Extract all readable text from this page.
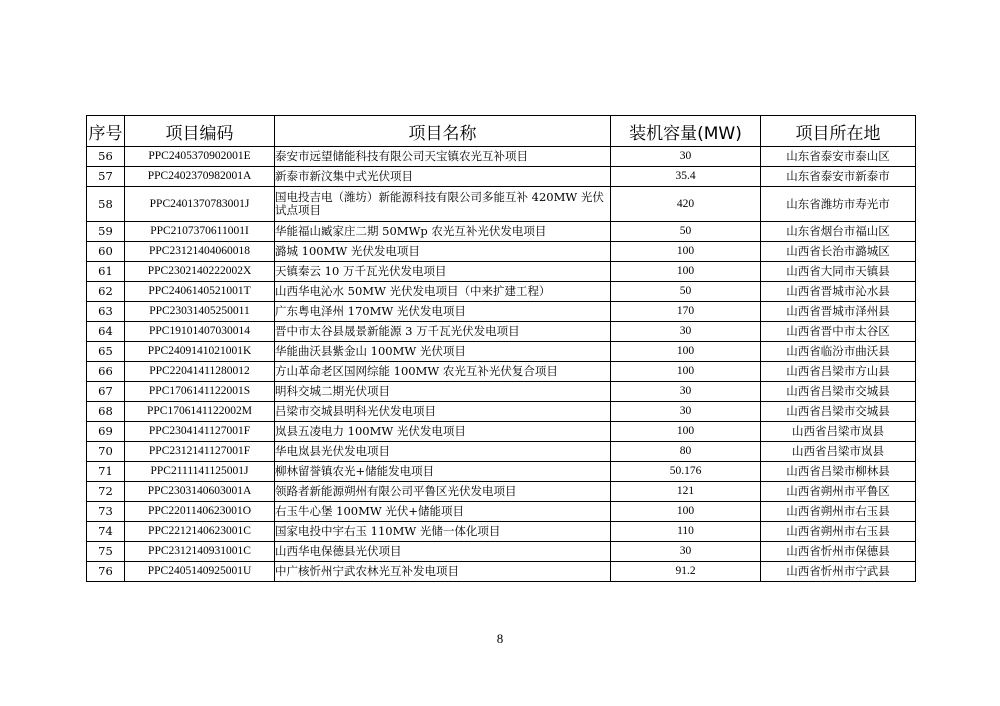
序号	项目编码	项目名称	装机容量(MW)	项目所在地
56	PPC2405370902001E	泰安市远望储能科技有限公司天宝镇农光互补项目	30	山东省泰安市泰山区
57	PPC2402370982001A	新泰市新汶集中式光伏项目	35.4	山东省泰安市新泰市
58	PPC2401370783001J	国电投吉电（潍坊）新能源科技有限公司多能互补 420MW 光伏试点项目	420	山东省潍坊市寿光市
59	PPC2107370611001I	华能福山臧家庄二期 50MWp 农光互补光伏发电项目	50	山东省烟台市福山区
60	PPC23121404060018	潞城 100MW 光伏发电项目	100	山西省长治市潞城区
61	PPC2302140222002X	天镇秦云 10 万千瓦光伏发电项目	100	山西省大同市天镇县
62	PPC2406140521001T	山西华电沁水 50MW 光伏发电项目（中来扩建工程）	50	山西省晋城市沁水县
63	PPC23031405250011	广东粤电泽州 170MW 光伏发电项目	170	山西省晋城市泽州县
64	PPC19101407030014	晋中市太谷县晟景新能源 3 万千瓦光伏发电项目	30	山西省晋中市太谷区
65	PPC2409141021001K	华能曲沃县紫金山 100MW 光伏项目	100	山西省临汾市曲沃县
66	PPC22041411280012	方山革命老区国网综能 100MW 农光互补光伏复合项目	100	山西省吕梁市方山县
67	PPC1706141122001S	明科交城二期光伏项目	30	山西省吕梁市交城县
68	PPC1706141122002M	吕梁市交城县明科光伏发电项目	30	山西省吕梁市交城县
69	PPC2304141127001F	岚县五凌电力 100MW 光伏发电项目	100	山西省吕梁市岚县
70	PPC2312141127001F	华电岚县光伏发电项目	80	山西省吕梁市岚县
71	PPC2111141125001J	柳林留誉镇农光+储能发电项目	50.176	山西省吕梁市柳林县
72	PPC2303140603001A	领路者新能源朔州有限公司平鲁区光伏发电项目	121	山西省朔州市平鲁区
73	PPC2201140623001O	右玉牛心堡 100MW 光伏+储能项目	100	山西省朔州市右玉县
74	PPC2212140623001C	国家电投中宇右玉 110MW 光储一体化项目	110	山西省朔州市右玉县
75	PPC2312140931001C	山西华电保德县光伏项目	30	山西省忻州市保德县
76	PPC2405140925001U	中广核忻州宁武农林光互补发电项目	91.2	山西省忻州市宁武县
8
